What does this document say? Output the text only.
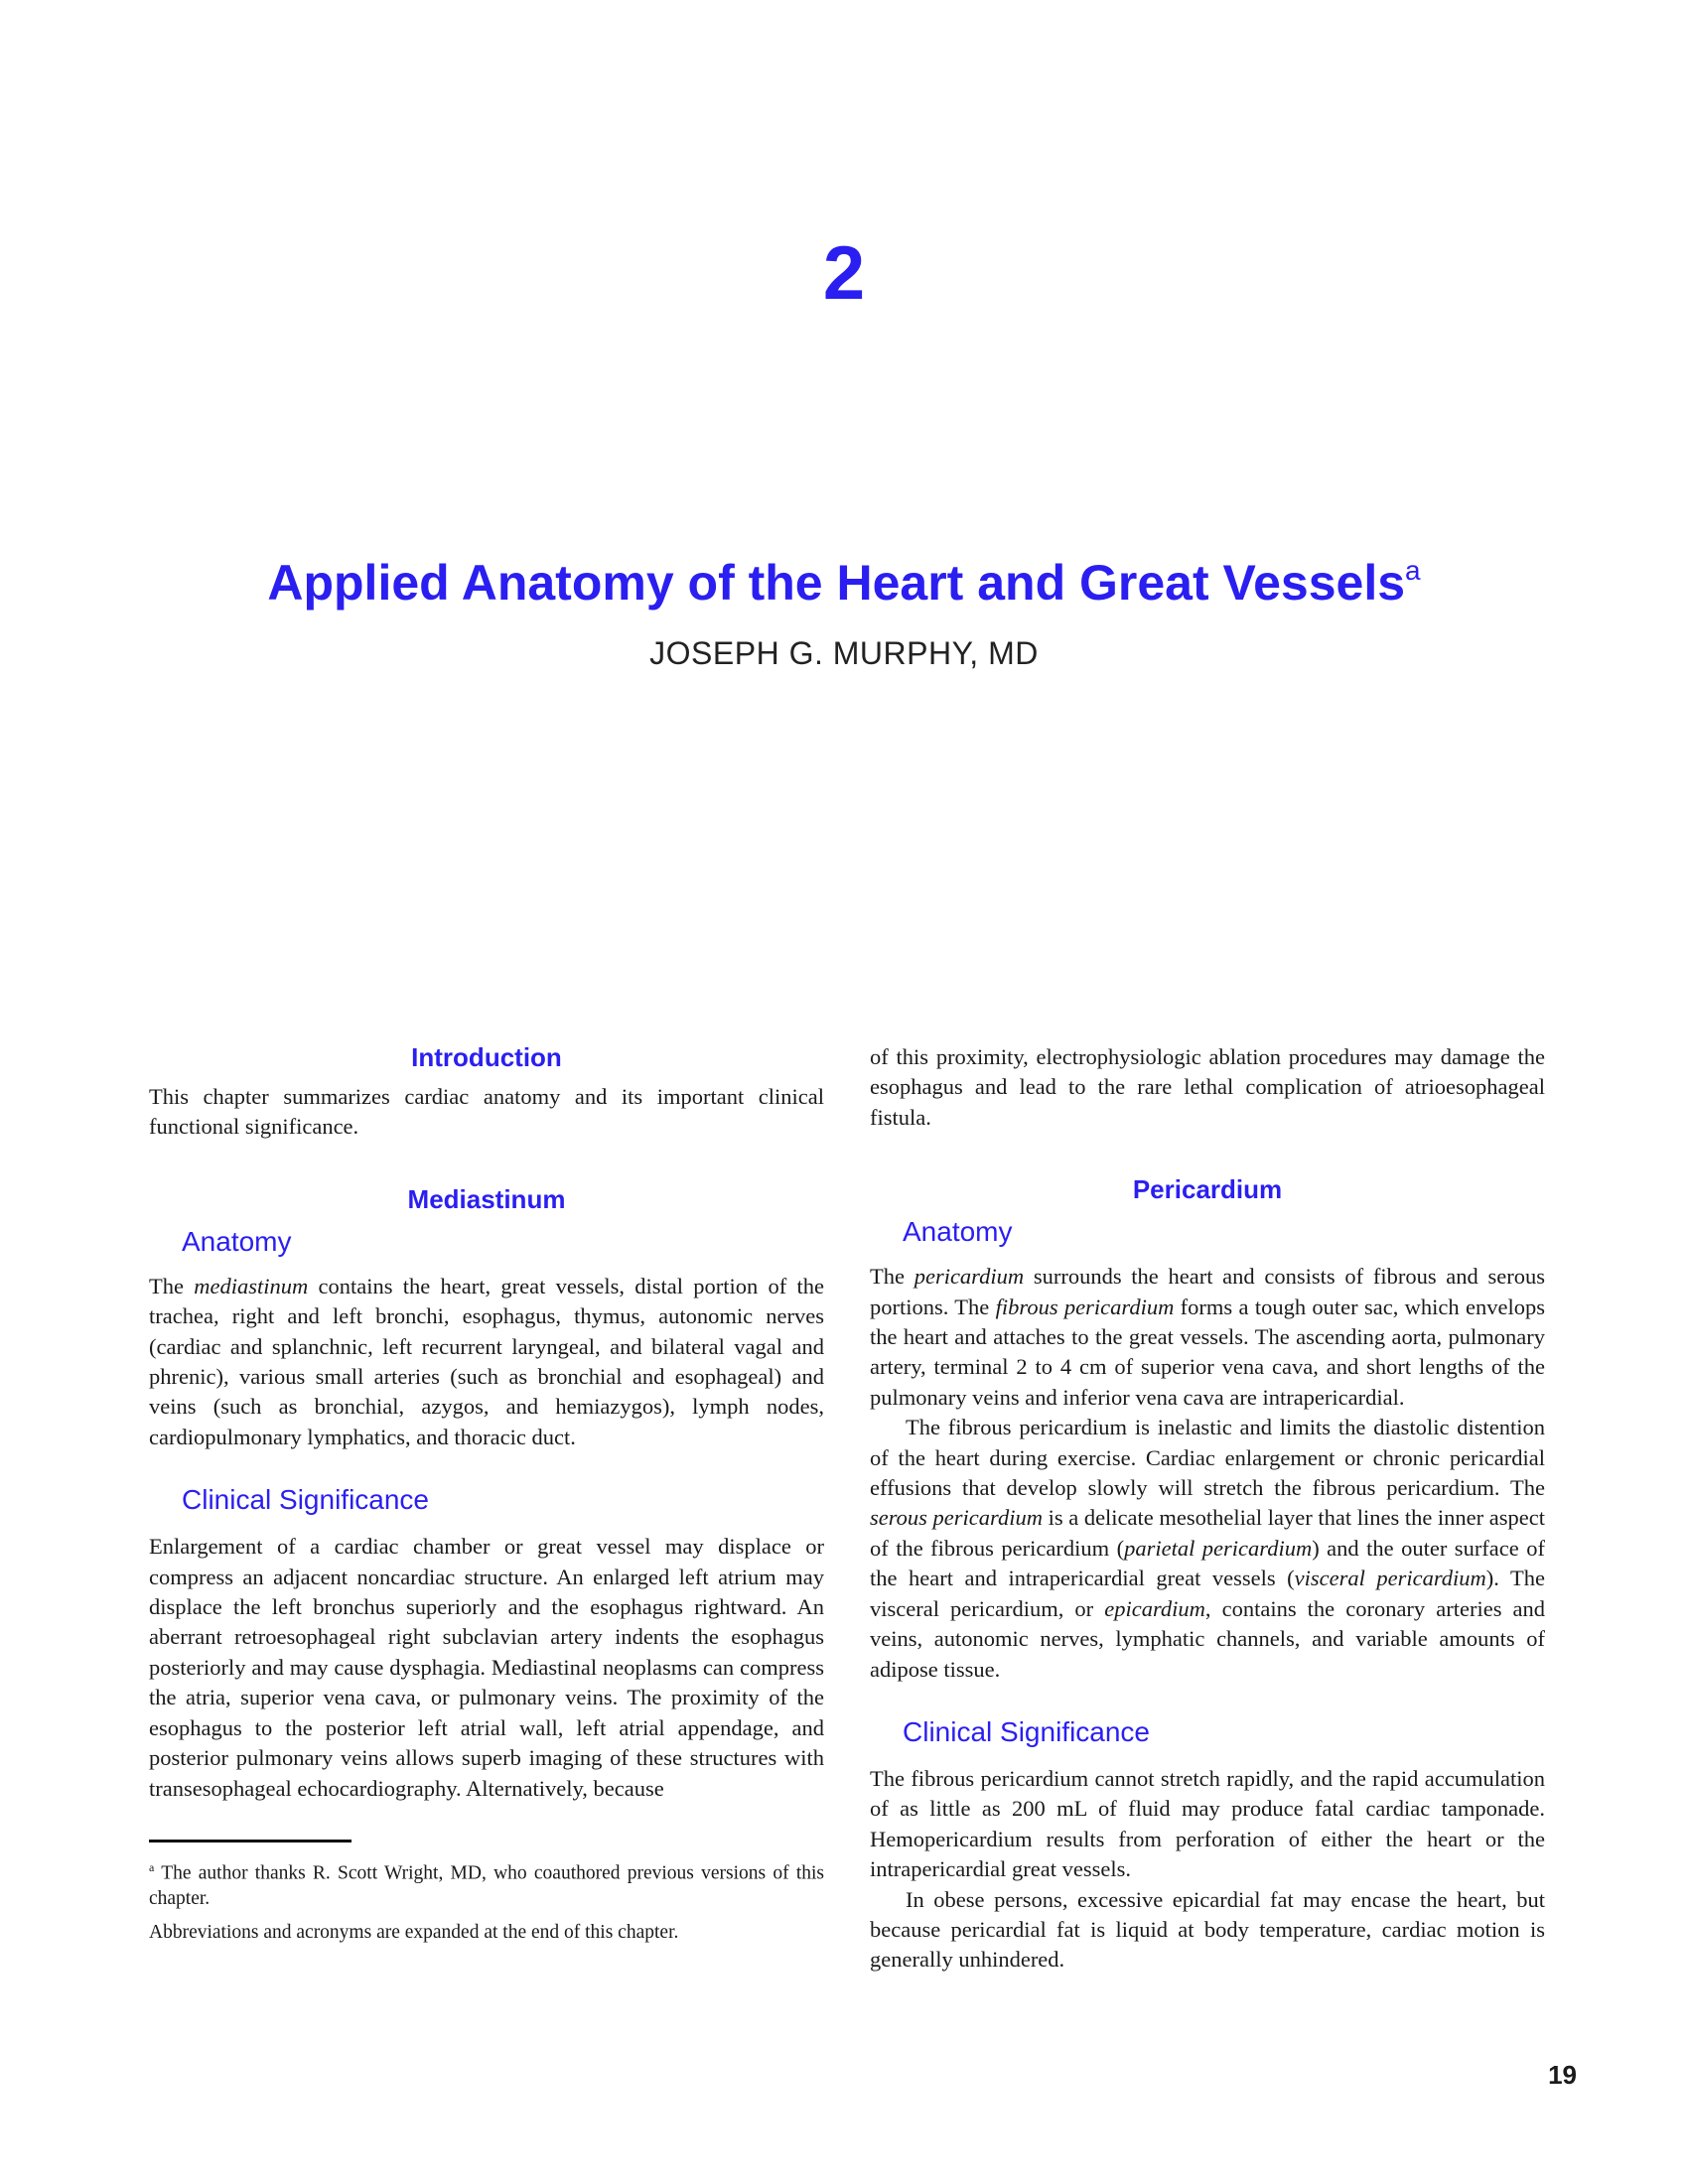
2
Applied Anatomy of the Heart and Great Vessels$^a$
JOSEPH G. MURPHY, MD
Introduction

This chapter summarizes cardiac anatomy and its important clinical functional significance.

Mediastinum
Anatomy

The mediastinum contains the heart, great vessels, distal portion of the trachea, right and left bronchi, esophagus, thymus, autonomic nerves (cardiac and splanchnic, left recurrent laryngeal, and bilateral vagal and phrenic), various small arteries (such as bronchial and esophageal) and veins (such as bronchial, azygos, and hemiazygos), lymph nodes, cardiopulmonary lymphatics, and thoracic duct.

Clinical Significance

Enlargement of a cardiac chamber or great vessel may displace or compress an adjacent noncardiac structure. An enlarged left atrium may displace the left bronchus superiorly and the esophagus rightward. An aberrant retroesophageal right subclavian artery indents the esophagus posteriorly and may cause dysphagia. Mediastinal neoplasms can compress the atria, superior vena cava, or pulmonary veins. The proximity of the esophagus to the posterior left atrial wall, left atrial appendage, and posterior pulmonary veins allows superb imaging of these structures with transesophageal echocardiography. Alternatively, because

$^a$ The author thanks R. Scott Wright, MD, who coauthored previous versions of this chapter.

Abbreviations and acronyms are expanded at the end of this chapter.

of this proximity, electrophysiologic ablation procedures may damage the esophagus and lead to the rare lethal complication of atrioesophageal fistula.

Pericardium
Anatomy

The pericardium surrounds the heart and consists of fibrous and serous portions. The fibrous pericardium forms a tough outer sac, which envelops the heart and attaches to the great vessels. The ascending aorta, pulmonary artery, terminal 2 to 4 cm of superior vena cava, and short lengths of the pulmonary veins and inferior vena cava are intrapericardial.

The fibrous pericardium is inelastic and limits the diastolic distention of the heart during exercise. Cardiac enlargement or chronic pericardial effusions that develop slowly will stretch the fibrous pericardium. The serous pericardium is a delicate mesothelial layer that lines the inner aspect of the fibrous pericardium (parietal pericardium) and the outer surface of the heart and intrapericardial great vessels (visceral pericardium). The visceral pericardium, or epicardium, contains the coronary arteries and veins, autonomic nerves, lymphatic channels, and variable amounts of adipose tissue.

Clinical Significance

The fibrous pericardium cannot stretch rapidly, and the rapid accumulation of as little as 200 mL of fluid may produce fatal cardiac tamponade. Hemopericardium results from perforation of either the heart or the intrapericardial great vessels.

In obese persons, excessive epicardial fat may encase the heart, but because pericardial fat is liquid at body temperature, cardiac motion is generally unhindered.

19
